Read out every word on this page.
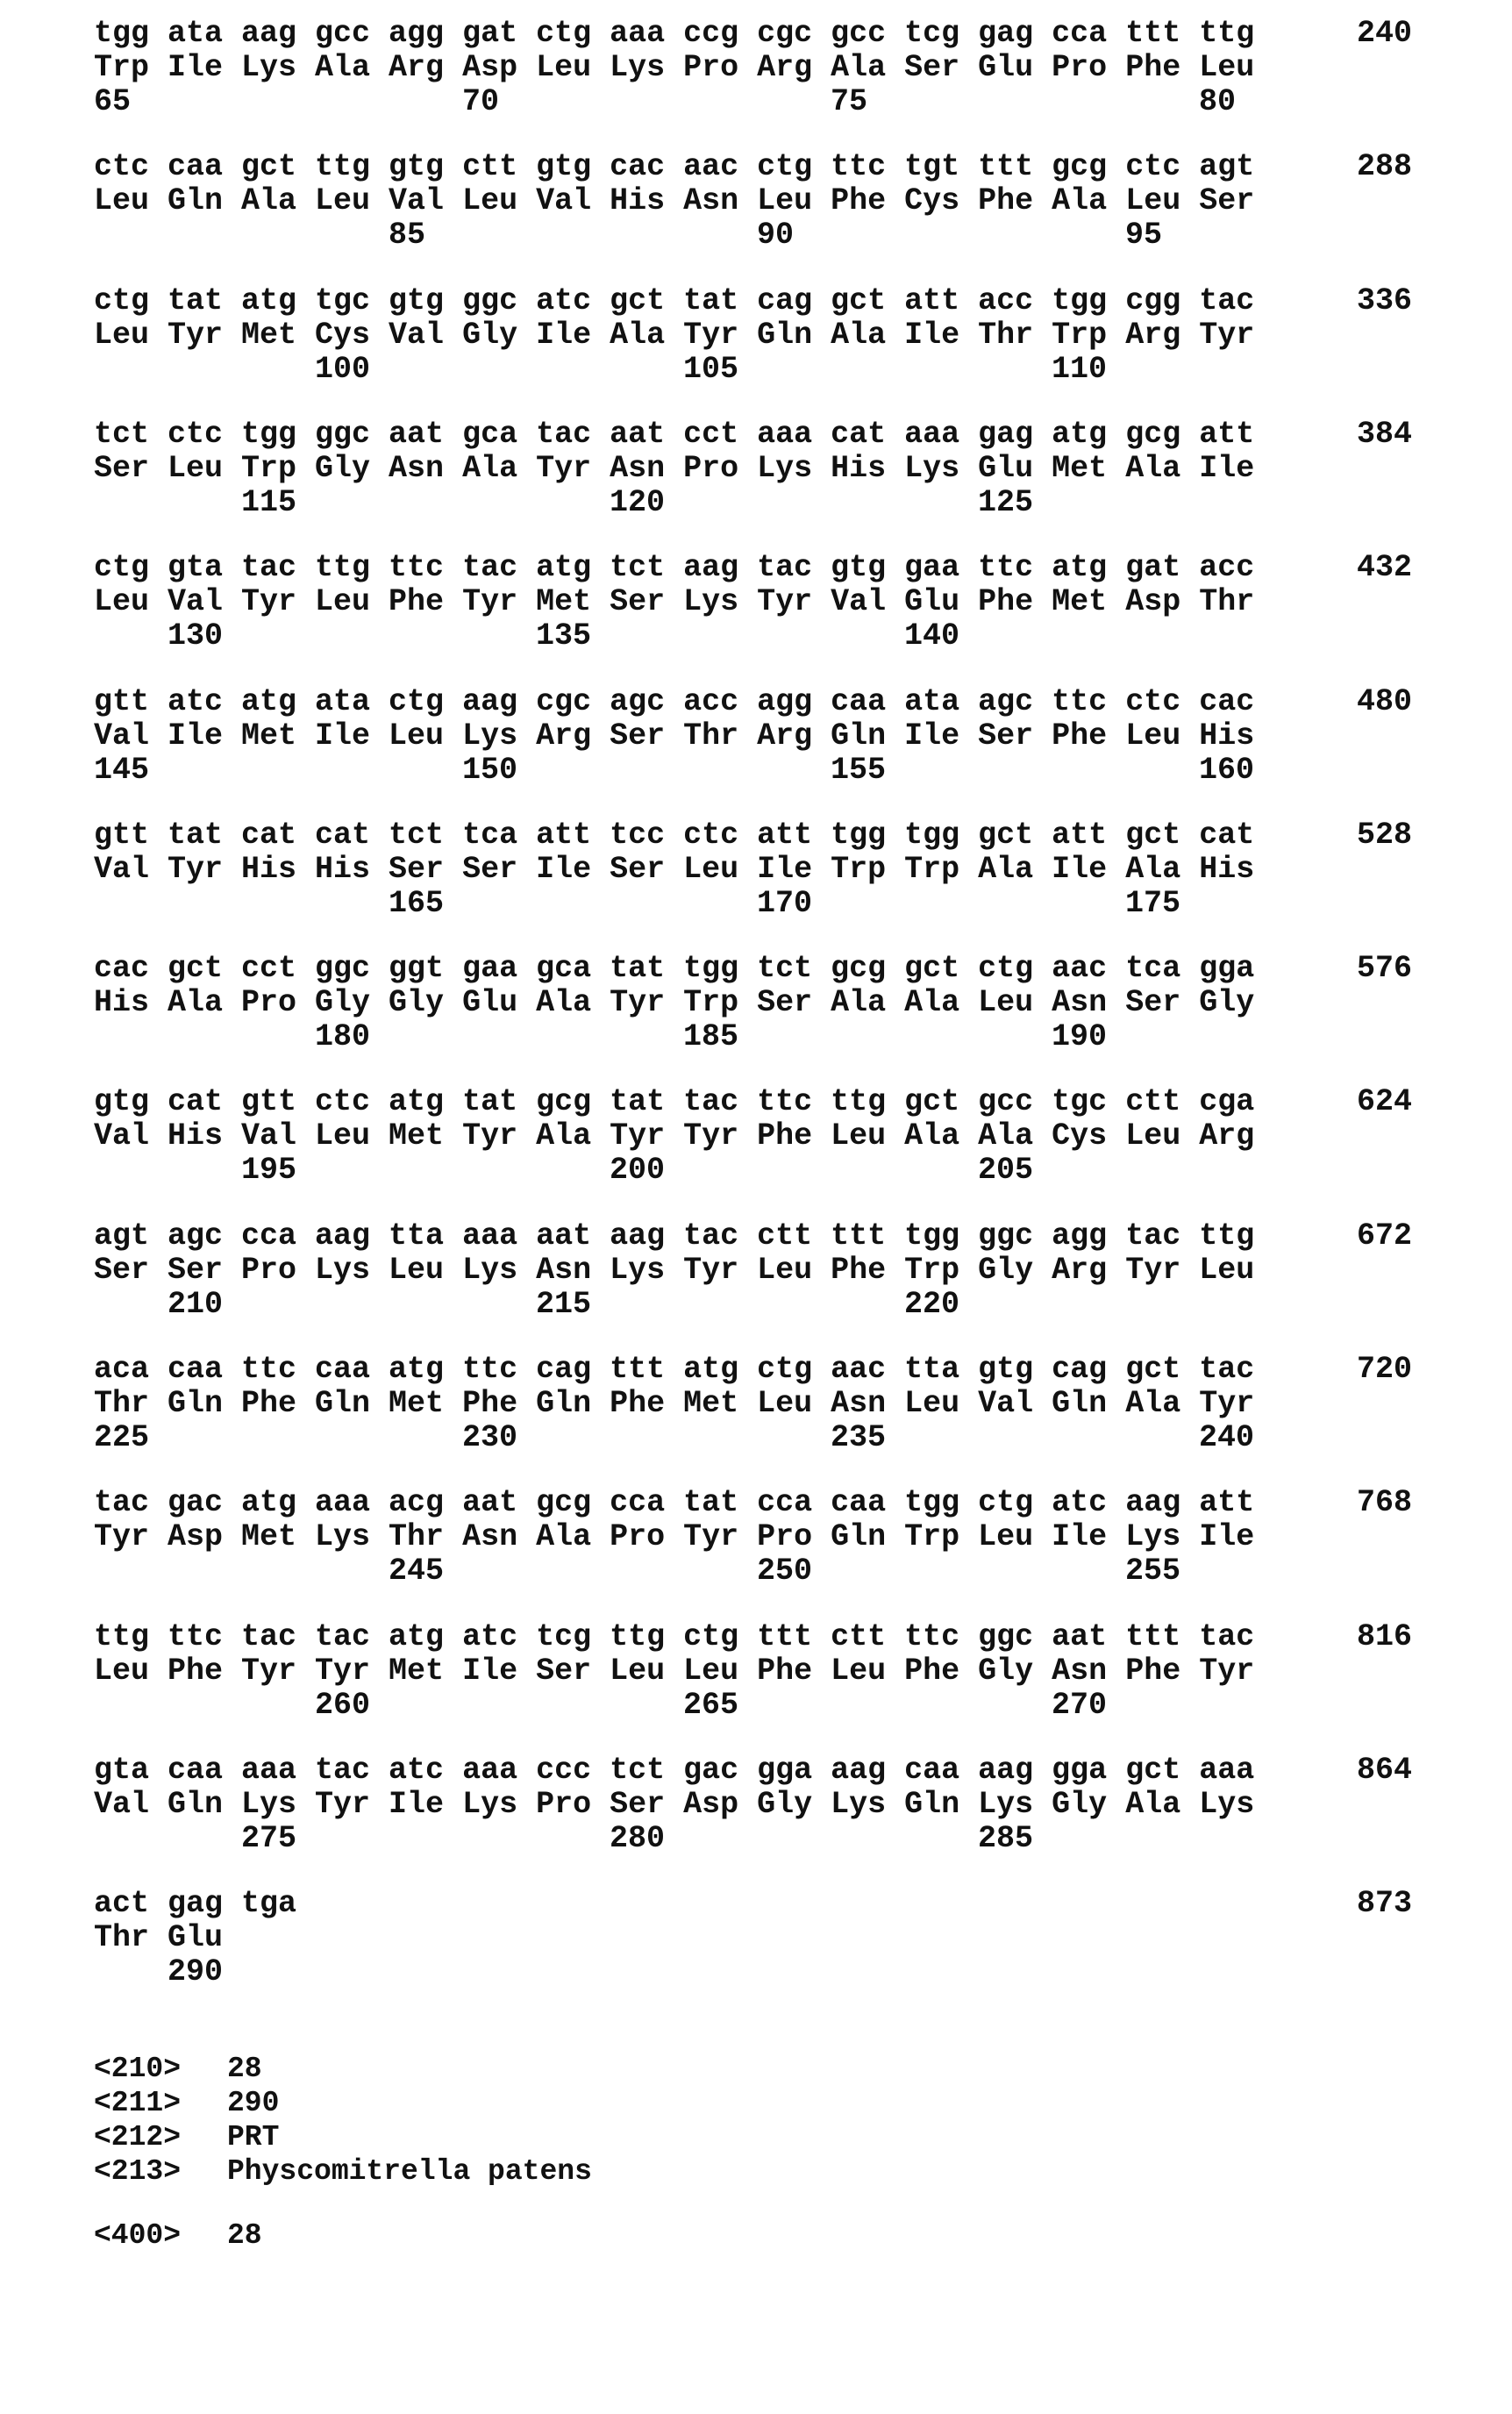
tgg ata aag gcc agg gat ctg aaa ccg cgc gcc tcg gag cca ttt ttg
Trp Ile Lys Ala Arg Asp Leu Lys Pro Arg Ala Ser Glu Pro Phe Leu
65	70	75	80
240
ctc caa gct ttg gtg ctt gtg cac aac ctg ttc tgt ttt gcg ctc agt
Leu Gln Ala Leu Val Leu Val His Asn Leu Phe Cys Phe Ala Leu Ser
85	90	95
288
ctg tat atg tgc gtg ggc atc gct tat cag gct att acc tgg cgg tac
Leu Tyr Met Cys Val Gly Ile Ala Tyr Gln Ala Ile Thr Trp Arg Tyr
100	105	110
336
tct ctc tgg ggc aat gca tac aat cct aaa cat aaa gag atg gcg att
Ser Leu Trp Gly Asn Ala Tyr Asn Pro Lys His Lys Glu Met Ala Ile
115	120	125
384
ctg gta tac ttg ttc tac atg tct aag tac gtg gaa ttc atg gat acc
Leu Val Tyr Leu Phe Tyr Met Ser Lys Tyr Val Glu Phe Met Asp Thr
130	135	140
432
gtt atc atg ata ctg aag cgc agc acc agg caa ata agc ttc ctc cac
Val Ile Met Ile Leu Lys Arg Ser Thr Arg Gln Ile Ser Phe Leu His
145	150	155	160
480
gtt tat cat cat tct tca att tcc ctc att tgg tgg gct att gct cat
Val Tyr His His Ser Ser Ile Ser Leu Ile Trp Trp Ala Ile Ala His
165	170	175
528
cac gct cct ggc ggt gaa gca tat tgg tct gcg gct ctg aac tca gga
His Ala Pro Gly Gly Glu Ala Tyr Trp Ser Ala Ala Leu Asn Ser Gly
180	185	190
576
gtg cat gtt ctc atg tat gcg tat tac ttc ttg gct gcc tgc ctt cga
Val His Val Leu Met Tyr Ala Tyr Tyr Phe Leu Ala Ala Cys Leu Arg
195	200	205
624
agt agc cca aag tta aaa aat aag tac ctt ttt tgg ggc agg tac ttg
Ser Ser Pro Lys Leu Lys Asn Lys Tyr Leu Phe Trp Gly Arg Tyr Leu
210	215	220
672
aca caa ttc caa atg ttc cag ttt atg ctg aac tta gtg cag gct tac
Thr Gln Phe Gln Met Phe Gln Phe Met Leu Asn Leu Val Gln Ala Tyr
225	230	235	240
720
tac gac atg aaa acg aat gcg cca tat cca caa tgg ctg atc aag att
Tyr Asp Met Lys Thr Asn Ala Pro Tyr Pro Gln Trp Leu Ile Lys Ile
245	250	255
768
ttg ttc tac tac atg atc tcg ttg ctg ttt ctt ttc ggc aat ttt tac
Leu Phe Tyr Tyr Met Ile Ser Leu Leu Phe Leu Phe Gly Asn Phe Tyr
260	265	270
816
gta caa aaa tac atc aaa ccc tct gac gga aag caa aag gga gct aaa
Val Gln Lys Tyr Ile Lys Pro Ser Asp Gly Lys Gln Lys Gly Ala Lys
275	280	285
864
act gag tga
Thr Glu
290
873
<210> 28
<211> 290
<212> PRT
<213> Physcomitrella patens
<400> 28
